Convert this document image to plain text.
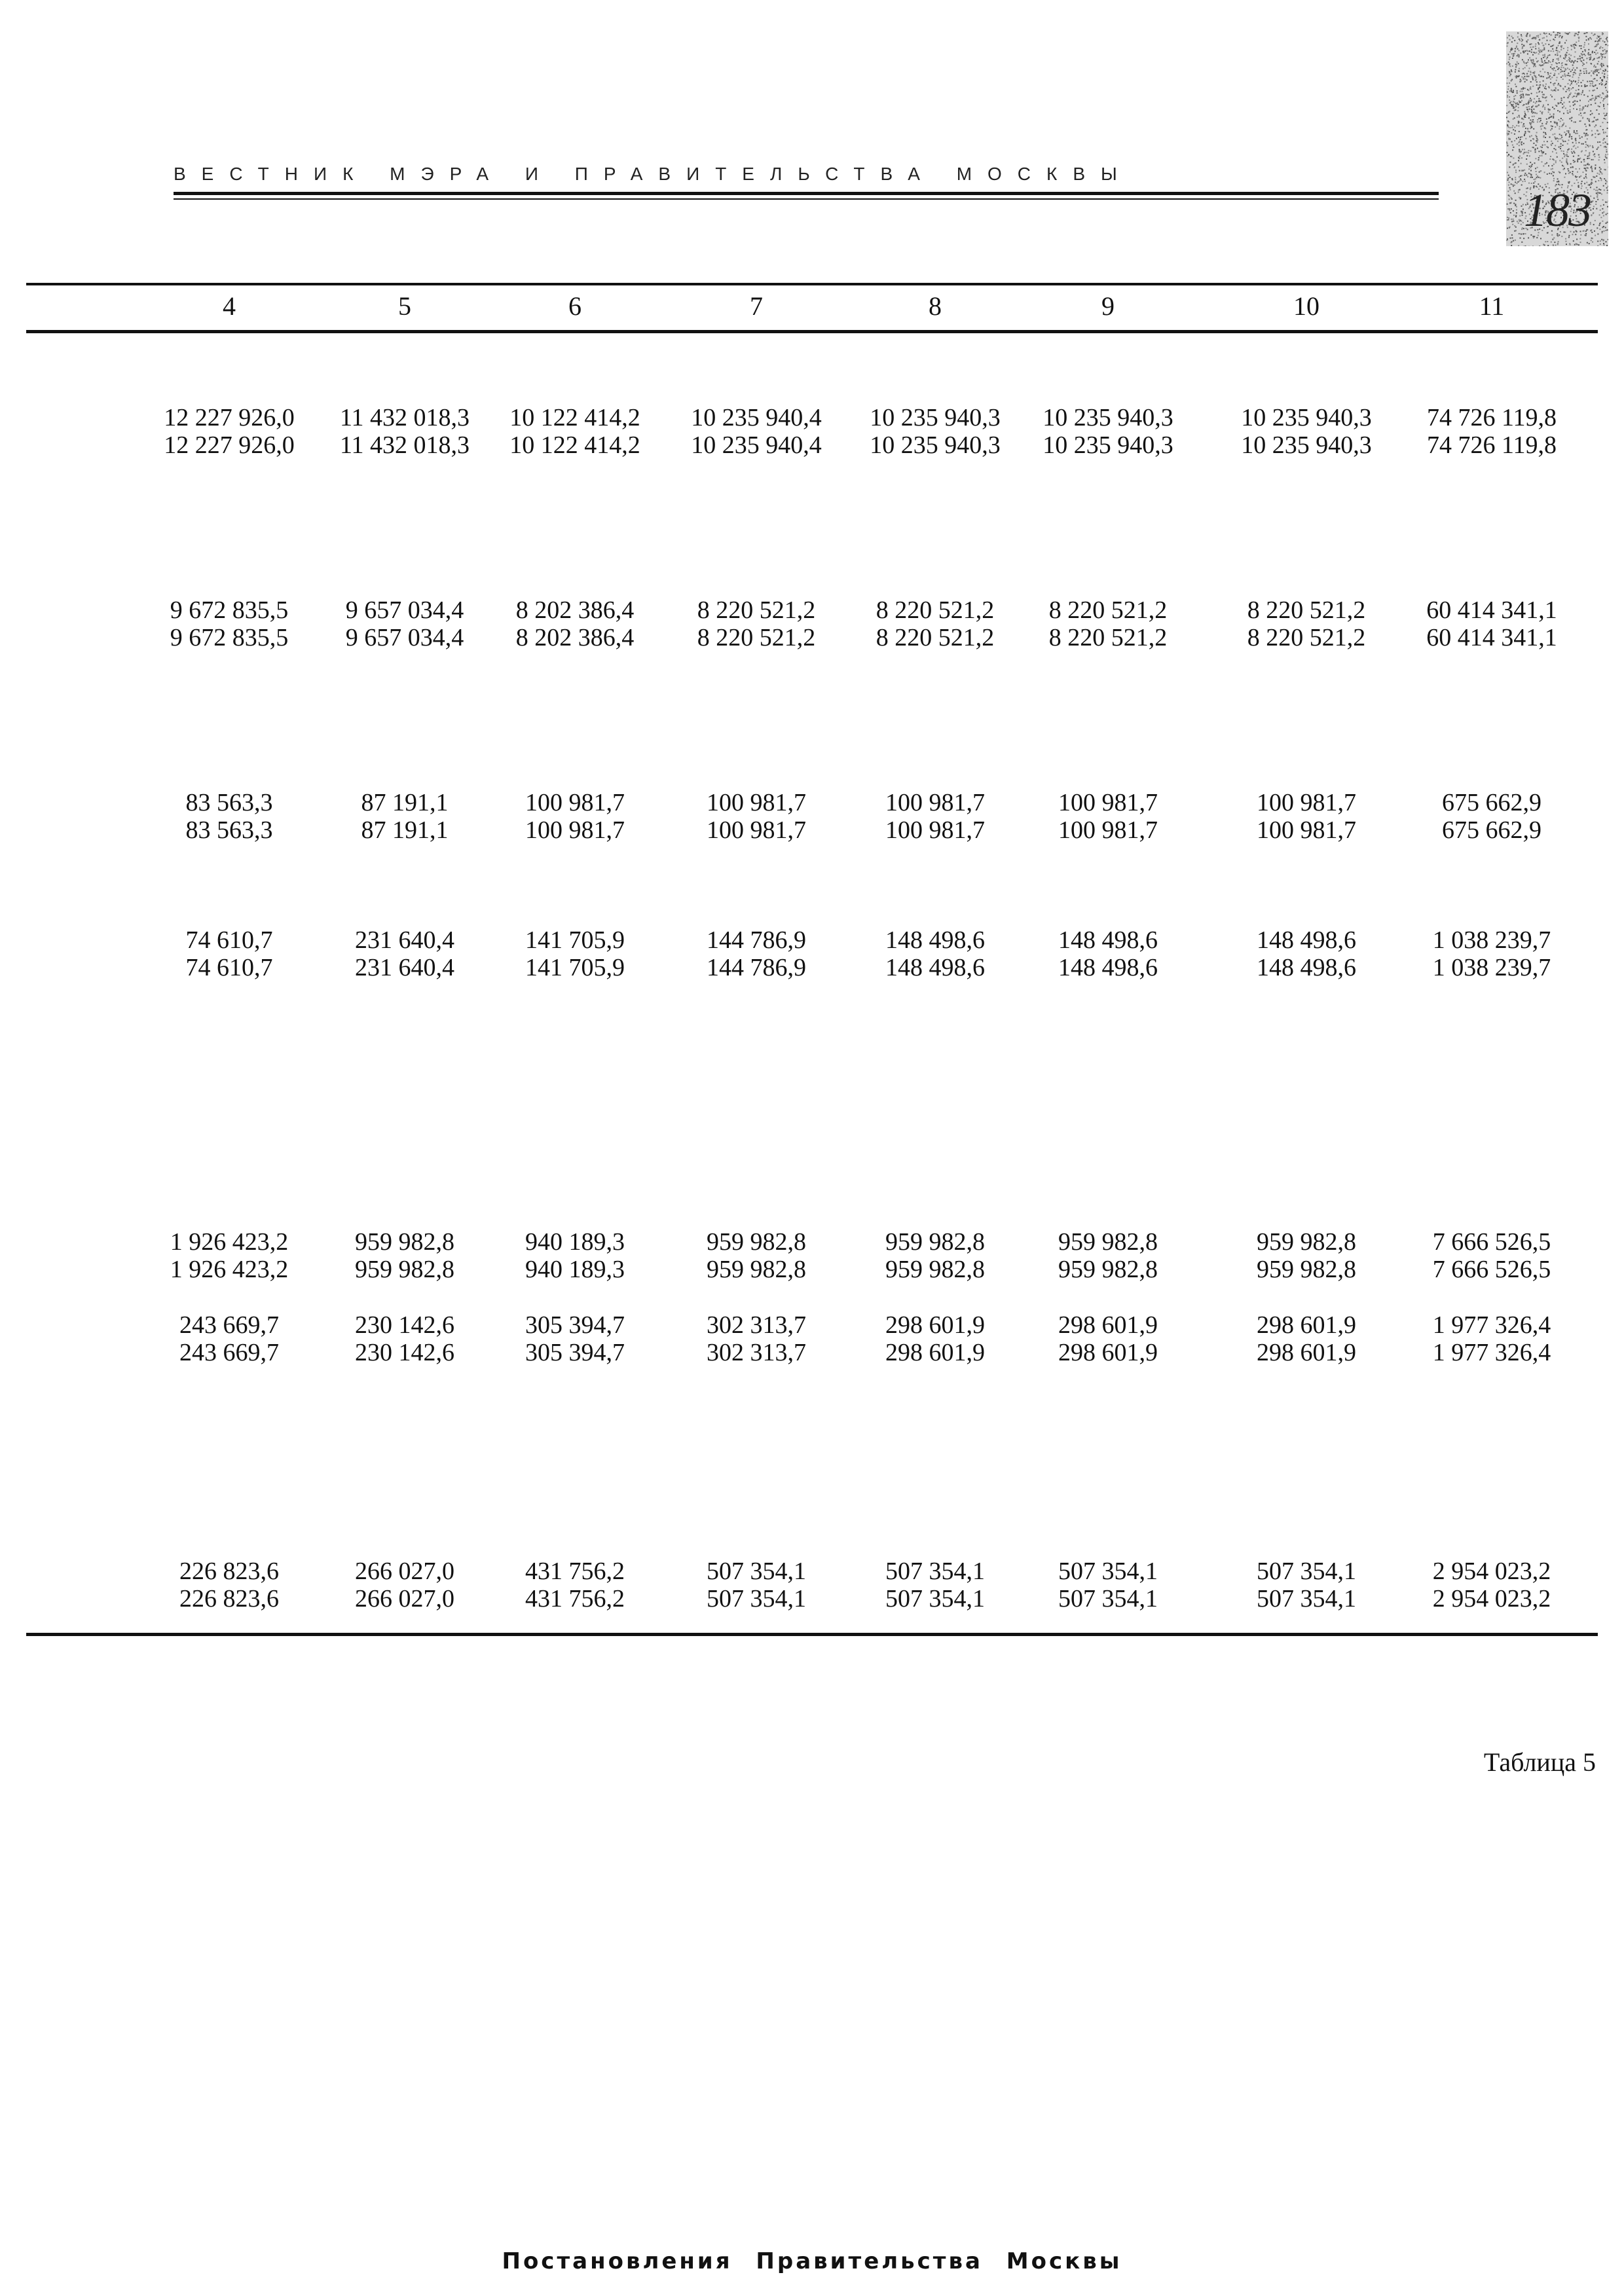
ВЕСТНИК МЭРА И ПРАВИТЕЛЬСТВА МОСКВЫ
183
4	5	6	7	8	9	10	11
12 227 926,0	11 432 018,3	10 122 414,2	10 235 940,4	10 235 940,3	10 235 940,3	10 235 940,3	74 726 119,8
12 227 926,0	11 432 018,3	10 122 414,2	10 235 940,4	10 235 940,3	10 235 940,3	10 235 940,3	74 726 119,8
9 672 835,5	9 657 034,4	8 202 386,4	8 220 521,2	8 220 521,2	8 220 521,2	8 220 521,2	60 414 341,1
9 672 835,5	9 657 034,4	8 202 386,4	8 220 521,2	8 220 521,2	8 220 521,2	8 220 521,2	60 414 341,1
83 563,3	87 191,1	100 981,7	100 981,7	100 981,7	100 981,7	100 981,7	675 662,9
83 563,3	87 191,1	100 981,7	100 981,7	100 981,7	100 981,7	100 981,7	675 662,9
74 610,7	231 640,4	141 705,9	144 786,9	148 498,6	148 498,6	148 498,6	1 038 239,7
74 610,7	231 640,4	141 705,9	144 786,9	148 498,6	148 498,6	148 498,6	1 038 239,7
1 926 423,2	959 982,8	940 189,3	959 982,8	959 982,8	959 982,8	959 982,8	7 666 526,5
1 926 423,2	959 982,8	940 189,3	959 982,8	959 982,8	959 982,8	959 982,8	7 666 526,5
243 669,7	230 142,6	305 394,7	302 313,7	298 601,9	298 601,9	298 601,9	1 977 326,4
243 669,7	230 142,6	305 394,7	302 313,7	298 601,9	298 601,9	298 601,9	1 977 326,4
226 823,6	266 027,0	431 756,2	507 354,1	507 354,1	507 354,1	507 354,1	2 954 023,2
226 823,6	266 027,0	431 756,2	507 354,1	507 354,1	507 354,1	507 354,1	2 954 023,2
Таблица 5
Постановления Правительства Москвы
